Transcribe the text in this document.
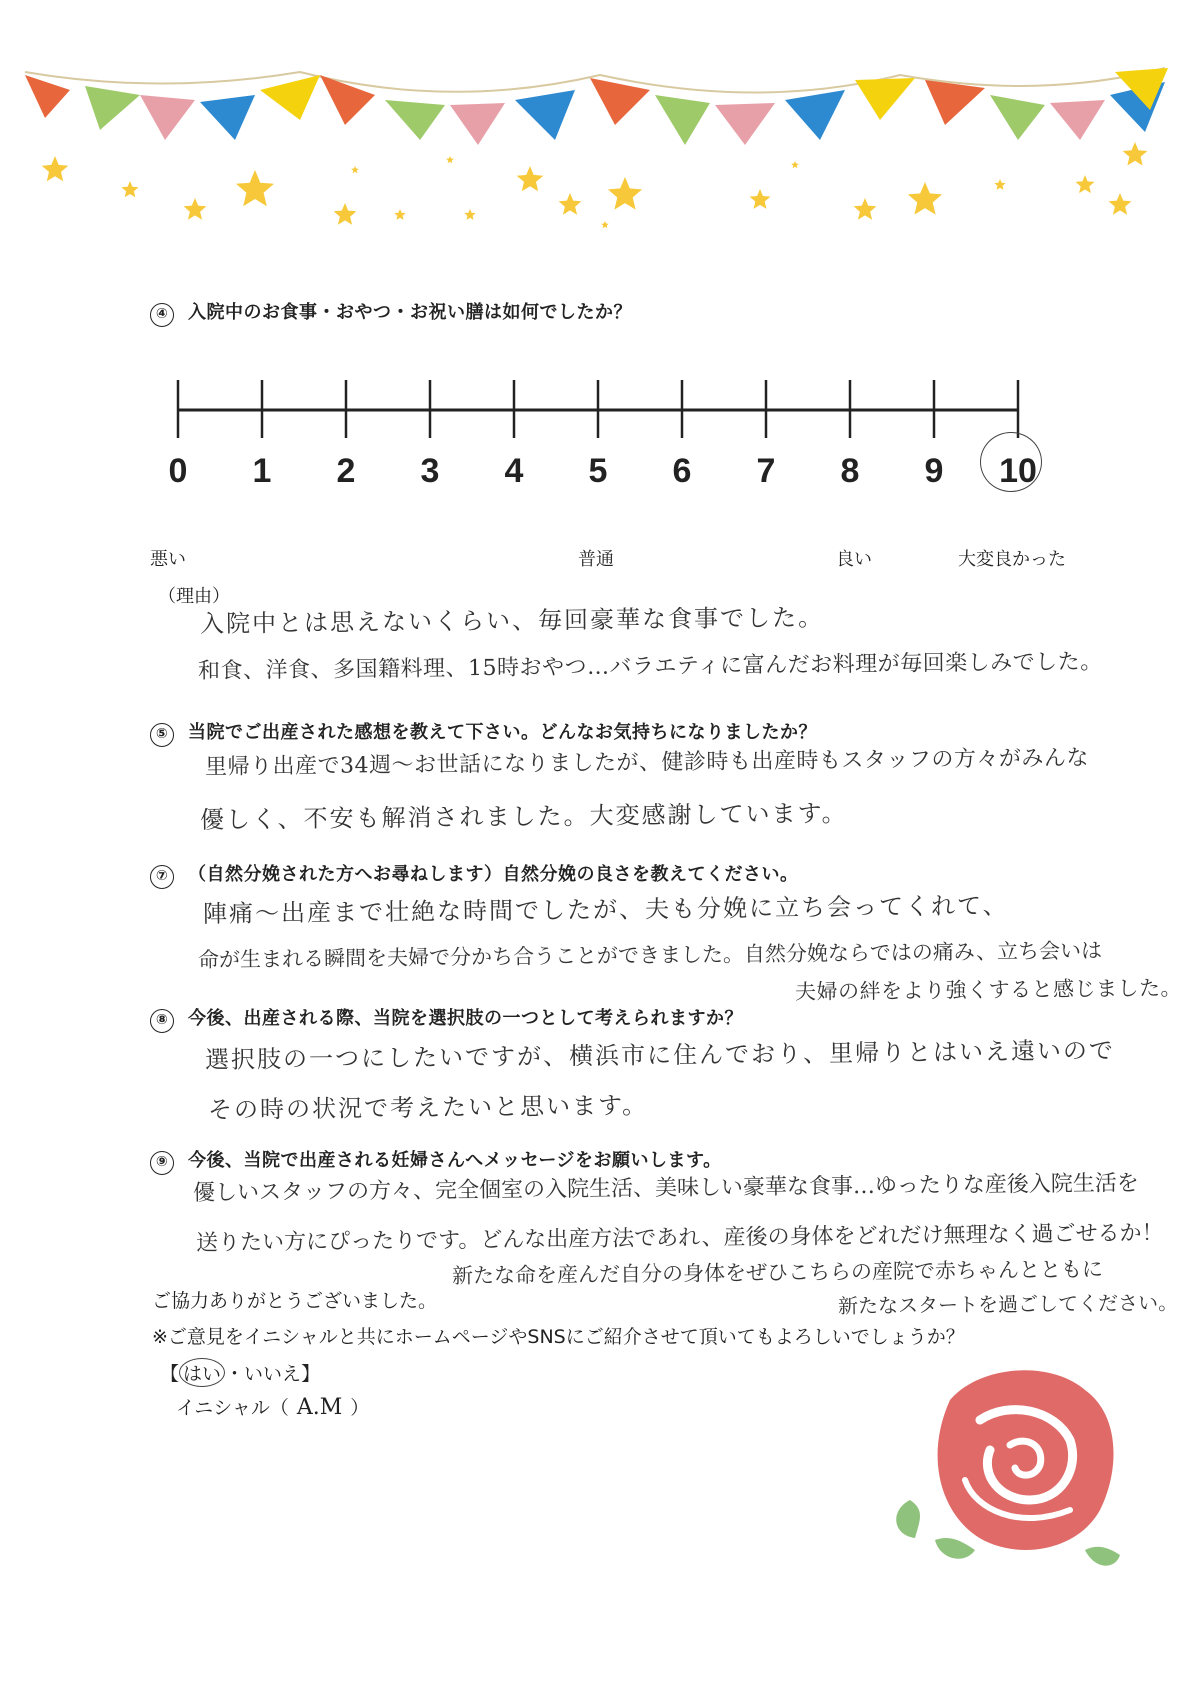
④ 入院中のお食事・おやつ・お祝い膳は如何でしたか？
0	1	2	3	4	5	6	7	8	9	10
悪い	普通	良い	大変良かった
（理由）
入院中とは思えないくらい、毎回豪華な食事でした。
和食、洋食、多国籍料理、15時おやつ…バラエティに富んだお料理が毎回楽しみでした。
⑤ 当院でご出産された感想を教えて下さい。どんなお気持ちになりましたか？
里帰り出産で34週〜お世話になりましたが、健診時も出産時もスタッフの方々がみんな
優しく、不安も解消されました。大変感謝しています。
⑦ （自然分娩された方へお尋ねします）自然分娩の良さを教えてください。
陣痛〜出産まで壮絶な時間でしたが、夫も分娩に立ち会ってくれて、
命が生まれる瞬間を夫婦で分かち合うことができました。自然分娩ならではの痛み、立ち会いは
夫婦の絆をより強くすると感じました。
⑧ 今後、出産される際、当院を選択肢の一つとして考えられますか？
選択肢の一つにしたいですが、横浜市に住んでおり、里帰りとはいえ遠いので
その時の状況で考えたいと思います。
⑨ 今後、当院で出産される妊婦さんへメッセージをお願いします。
優しいスタッフの方々、完全個室の入院生活、美味しい豪華な食事…ゆったりな産後入院生活を
送りたい方にぴったりです。どんな出産方法であれ、産後の身体をどれだけ無理なく過ごせるか！
新たな命を産んだ自分の身体をぜひこちらの産院で赤ちゃんとともに
新たなスタートを過ごしてください。
ご協力ありがとうございました。
※ご意見をイニシャルと共にホームページやSNSにご紹介させて頂いてもよろしいでしょうか？
【 はい ・いいえ】
イニシャル（ A.M ）
